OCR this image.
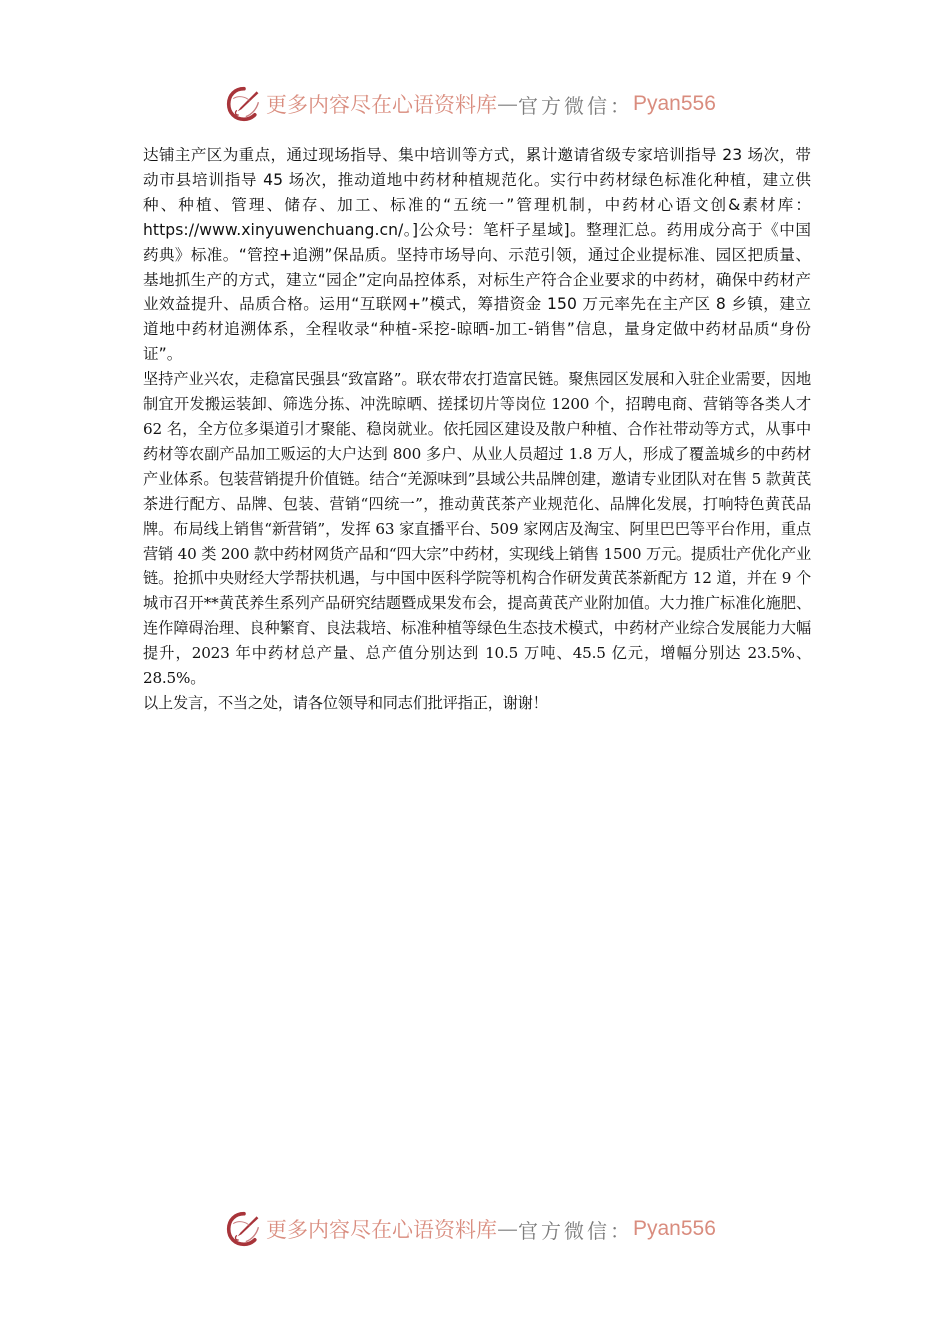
更多内容尽在心语资料库 — 官方微信： Pyan556

达铺主产区为重点，通过现场指导、集中培训等方式，累计邀请省级专家培训指导 23 场次，带动市县培训指导 45 场次，推动道地中药材种植规范化。实行中药材绿色标准化种植，建立供种、种植、管理、储存、加工、标准的“五统一”管理机制，中药材心语文创&素材库：https://www.xinyuwenchuang.cn/。]公众号：笔杆子星域]。整理汇总。药用成分高于《中国药典》标准。“管控+追溯”保品质。坚持市场导向、示范引领，通过企业提标准、园区把质量、基地抓生产的方式，建立“园企”定向品控体系，对标生产符合企业要求的中药材，确保中药材产业效益提升、品质合格。运用“互联网+”模式，筹措资金 150 万元率先在主产区 8 乡镇，建立道地中药材追溯体系，全程收录“种植-采挖-晾晒-加工-销售”信息，量身定做中药材品质“身份证”。

坚持产业兴农，走稳富民强县“致富路”。联农带农打造富民链。聚焦园区发展和入驻企业需要，因地制宜开发搬运装卸、筛选分拣、冲洗晾晒、搓揉切片等岗位 1200 个，招聘电商、营销等各类人才 62 名，全方位多渠道引才聚能、稳岗就业。依托园区建设及散户种植、合作社带动等方式，从事中药材等农副产品加工贩运的大户达到 800 多户、从业人员超过 1.8 万人，形成了覆盖城乡的中药材产业体系。包装营销提升价值链。结合“羌源味到”县域公共品牌创建，邀请专业团队对在售 5 款黄芪茶进行配方、品牌、包装、营销“四统一”，推动黄芪茶产业规范化、品牌化发展，打响特色黄芪品牌。布局线上销售“新营销”，发挥 63 家直播平台、509 家网店及淘宝、阿里巴巴等平台作用，重点营销 40 类 200 款中药材网货产品和“四大宗”中药材，实现线上销售 1500 万元。提质壮产优化产业链。抢抓中央财经大学帮扶机遇，与中国中医科学院等机构合作研发黄芪茶新配方 12 道，并在 9 个城市召开**黄芪养生系列产品研究结题暨成果发布会，提高黄芪产业附加值。大力推广标准化施肥、连作障碍治理、良种繁育、良法栽培、标准种植等绿色生态技术模式，中药材产业综合发展能力大幅提升，2023 年中药材总产量、总产值分别达到 10.5 万吨、45.5 亿元，增幅分别达 23.5%、28.5%。

以上发言，不当之处，请各位领导和同志们批评指正，谢谢！

更多内容尽在心语资料库 — 官方微信： Pyan556
